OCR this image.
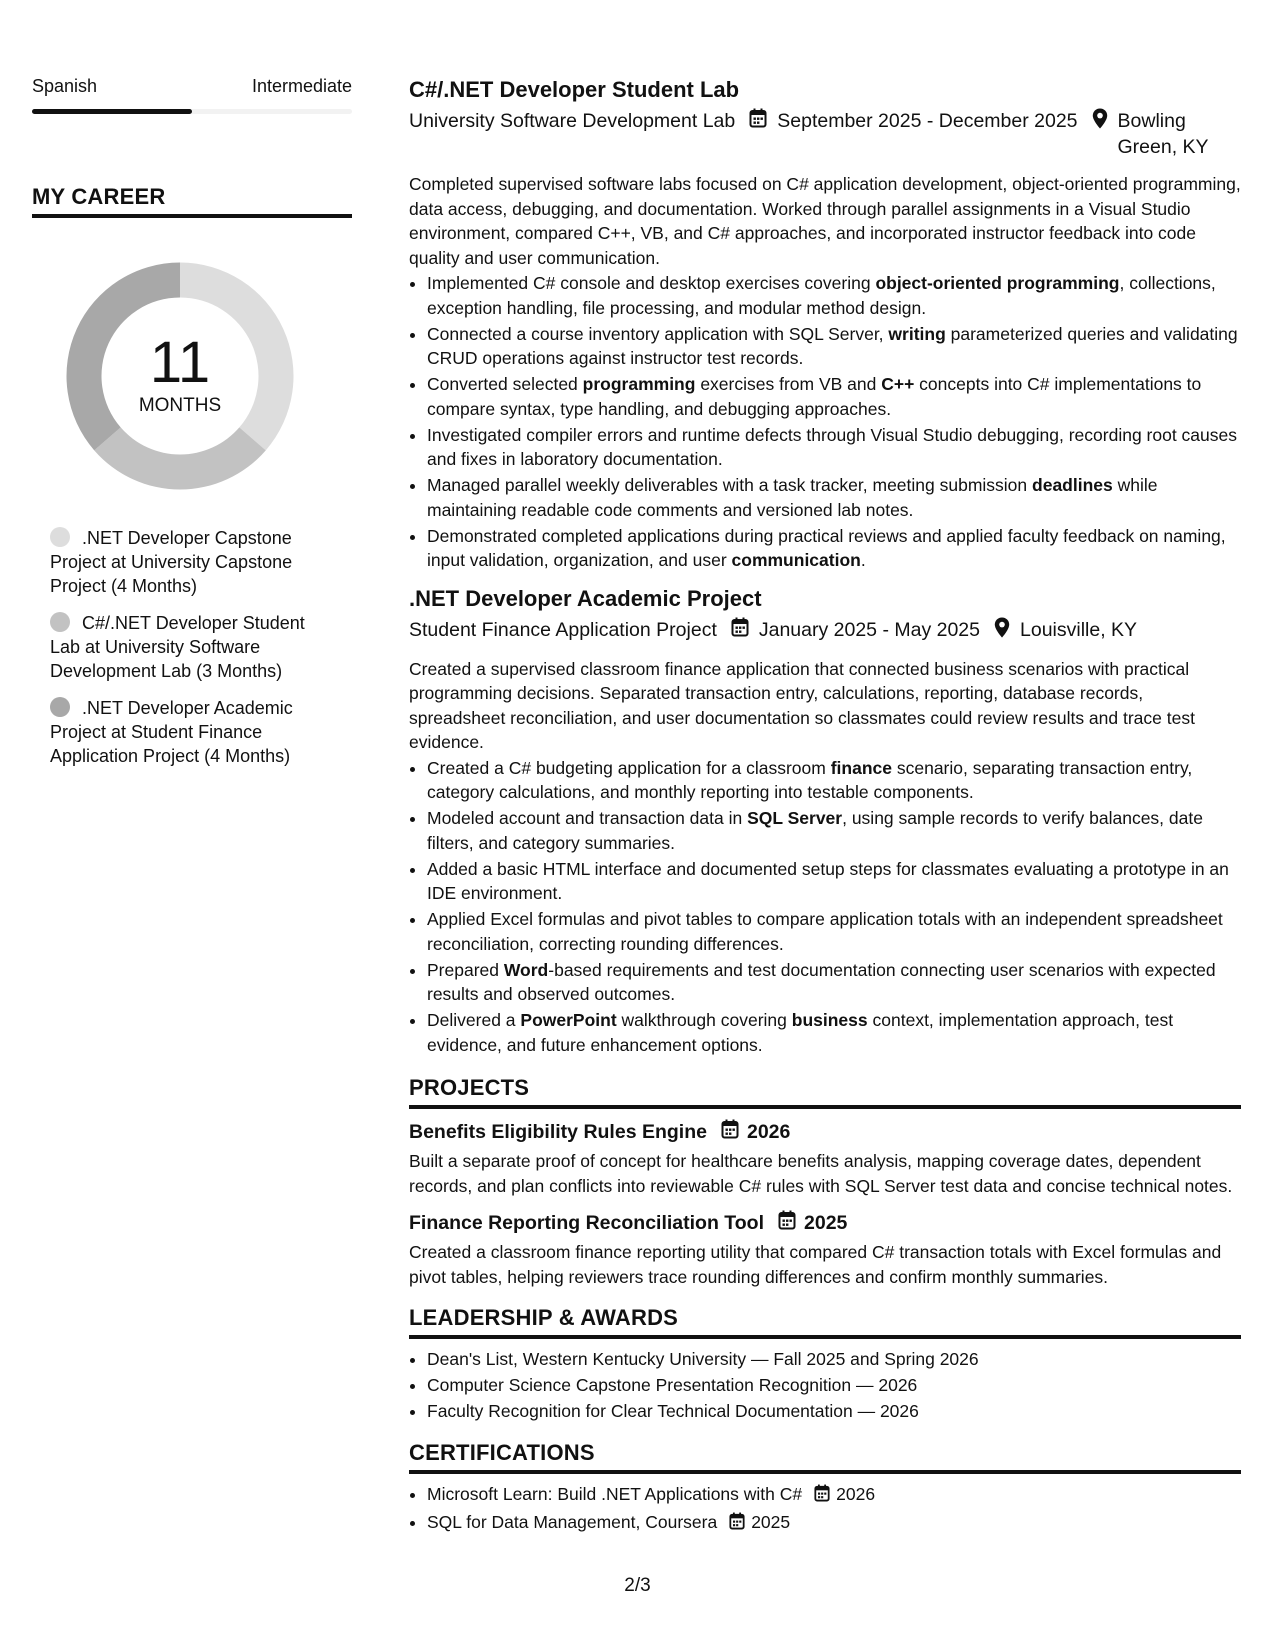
Spanish	Intermediate
MY CAREER
11
MONTHS
.NET Developer Capstone Project at University Capstone Project (4 Months)
C#/.NET Developer Student Lab at University Software Development Lab (3 Months)
.NET Developer Academic Project at Student Finance Application Project (4 Months)
C#/.NET Developer Student Lab
University Software Development Lab September 2025 - December 2025 Bowling Green, KY
Completed supervised software labs focused on C# application development, object-oriented programming, data access, debugging, and documentation. Worked through parallel assignments in a Visual Studio environment, compared C++, VB, and C# approaches, and incorporated instructor feedback into code quality and user communication.
• Implemented C# console and desktop exercises covering object-oriented programming, collections, exception handling, file processing, and modular method design.
• Connected a course inventory application with SQL Server, writing parameterized queries and validating CRUD operations against instructor test records.
• Converted selected programming exercises from VB and C++ concepts into C# implementations to compare syntax, type handling, and debugging approaches.
• Investigated compiler errors and runtime defects through Visual Studio debugging, recording root causes and fixes in laboratory documentation.
• Managed parallel weekly deliverables with a task tracker, meeting submission deadlines while maintaining readable code comments and versioned lab notes.
• Demonstrated completed applications during practical reviews and applied faculty feedback on naming, input validation, organization, and user communication.
.NET Developer Academic Project
Student Finance Application Project January 2025 - May 2025 Louisville, KY
Created a supervised classroom finance application that connected business scenarios with practical programming decisions. Separated transaction entry, calculations, reporting, database records, spreadsheet reconciliation, and user documentation so classmates could review results and trace test evidence.
• Created a C# budgeting application for a classroom finance scenario, separating transaction entry, category calculations, and monthly reporting into testable components.
• Modeled account and transaction data in SQL Server, using sample records to verify balances, date filters, and category summaries.
• Added a basic HTML interface and documented setup steps for classmates evaluating a prototype in an IDE environment.
• Applied Excel formulas and pivot tables to compare application totals with an independent spreadsheet reconciliation, correcting rounding differences.
• Prepared Word-based requirements and test documentation connecting user scenarios with expected results and observed outcomes.
• Delivered a PowerPoint walkthrough covering business context, implementation approach, test evidence, and future enhancement options.
PROJECTS
Benefits Eligibility Rules Engine 2026
Built a separate proof of concept for healthcare benefits analysis, mapping coverage dates, dependent records, and plan conflicts into reviewable C# rules with SQL Server test data and concise technical notes.
Finance Reporting Reconciliation Tool 2025
Created a classroom finance reporting utility that compared C# transaction totals with Excel formulas and pivot tables, helping reviewers trace rounding differences and confirm monthly summaries.
LEADERSHIP & AWARDS
• Dean's List, Western Kentucky University — Fall 2025 and Spring 2026
• Computer Science Capstone Presentation Recognition — 2026
• Faculty Recognition for Clear Technical Documentation — 2026
CERTIFICATIONS
• Microsoft Learn: Build .NET Applications with C# 2026
• SQL for Data Management, Coursera 2025
2/3
